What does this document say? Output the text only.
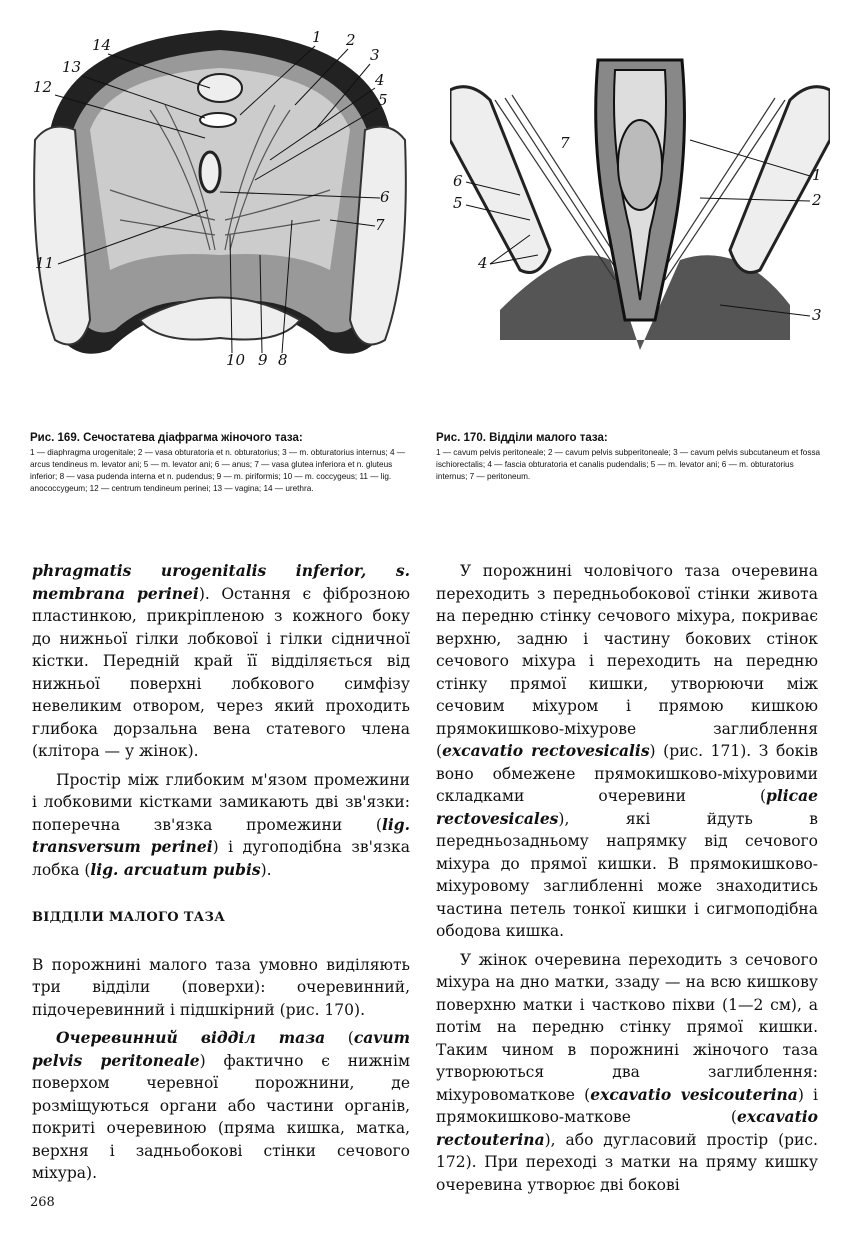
14	1 2
3
4
5
13
12
6
7
11
10 9 8
7
1
6
2
5
4
3
Рис. 169. Сечостатева діафрагма жіночого таза:
1 — diaphragma urogenitale; 2 — vasa obturatoria et n. obturatorius; 3 — m. obturatorius internus; 4 — arcus tendineus m. levator ani; 5 — m. levator ani; 6 — anus; 7 — vasa glutea inferiora et n. gluteus inferior; 8 — vasa pudenda interna et n. pudendus; 9 — m. piriformis; 10 — m. coccygeus; 11 — lig. anococcygeum; 12 — centrum tendineum perinei; 13 — vagina; 14 — urethra.
Рис. 170. Відділи малого таза:
1 — cavum pelvis peritoneale; 2 — cavum pelvis subperitoneale; 3 — cavum pelvis subcutaneum et fossa ischiorectalis; 4 — fascia obturatoria et canalis pudendalis; 5 — m. levator ani; 6 — m. obturatorius internus; 7 — peritoneum.

phragmatis urogenitalis inferior, s. membrana perinei). Остання є фіброзною пластинкою, прикріпленою з кожного боку до нижньої гілки лобкової і гілки сідничної кістки. Передній край її відділяється від нижньої поверхні лобкового симфізу невеликим отвором, через який проходить глибока дорзальна вена статевого члена (клітора — у жінок).

Простір між глибоким м'язом промежини і лобковими кістками замикають дві зв'язки: поперечна зв'язка промежини (lig. transversum perinei) і дугоподібна зв'язка лобка (lig. arcuatum pubis).

ВІДДІЛИ МАЛОГО ТАЗА

В порожнині малого таза умовно виділяють три відділи (поверхи): очеревинний, підочеревинний і підшкірний (рис. 170).

Очеревинний відділ таза (cavum pelvis peritoneale) фактично є нижнім поверхом черевної порожнини, де розміщуються органи або частини органів, покриті очеревиною (пряма кишка, матка, верхня і задньобокові стінки сечового міхура).

У порожнині чоловічого таза очеревина переходить з передньобокової стінки живота на передню стінку сечового міхура, покриває верхню, задню і частину бокових стінок сечового міхура і переходить на передню стінку прямої кишки, утворюючи між сечовим міхуром і прямою кишкою прямокишково-міхурове заглиблення (excavatio rectovesicalis) (рис. 171). З боків воно обмежене прямокишково-міхуровими складками очеревини (plicae rectovesicales), які йдуть в передньозадньому напрямку від сечового міхура до прямої кишки. В прямокишково-міхуровому заглибленні може знаходитись частина петель тонкої кишки і сигмоподібна ободова кишка.

У жінок очеревина переходить з сечового міхура на дно матки, ззаду — на всю кишкову поверхню матки і частково піхви (1—2 см), а потім на передню стінку прямої кишки. Таким чином в порожнині жіночого таза утворюються два заглиблення: міхуровоматкове (excavatio vesicouterina) і прямокишково-маткове (excavatio rectouterina), або дугласовий простір (рис. 172). При переході з матки на пряму кишку очеревина утворює дві бокові

268
